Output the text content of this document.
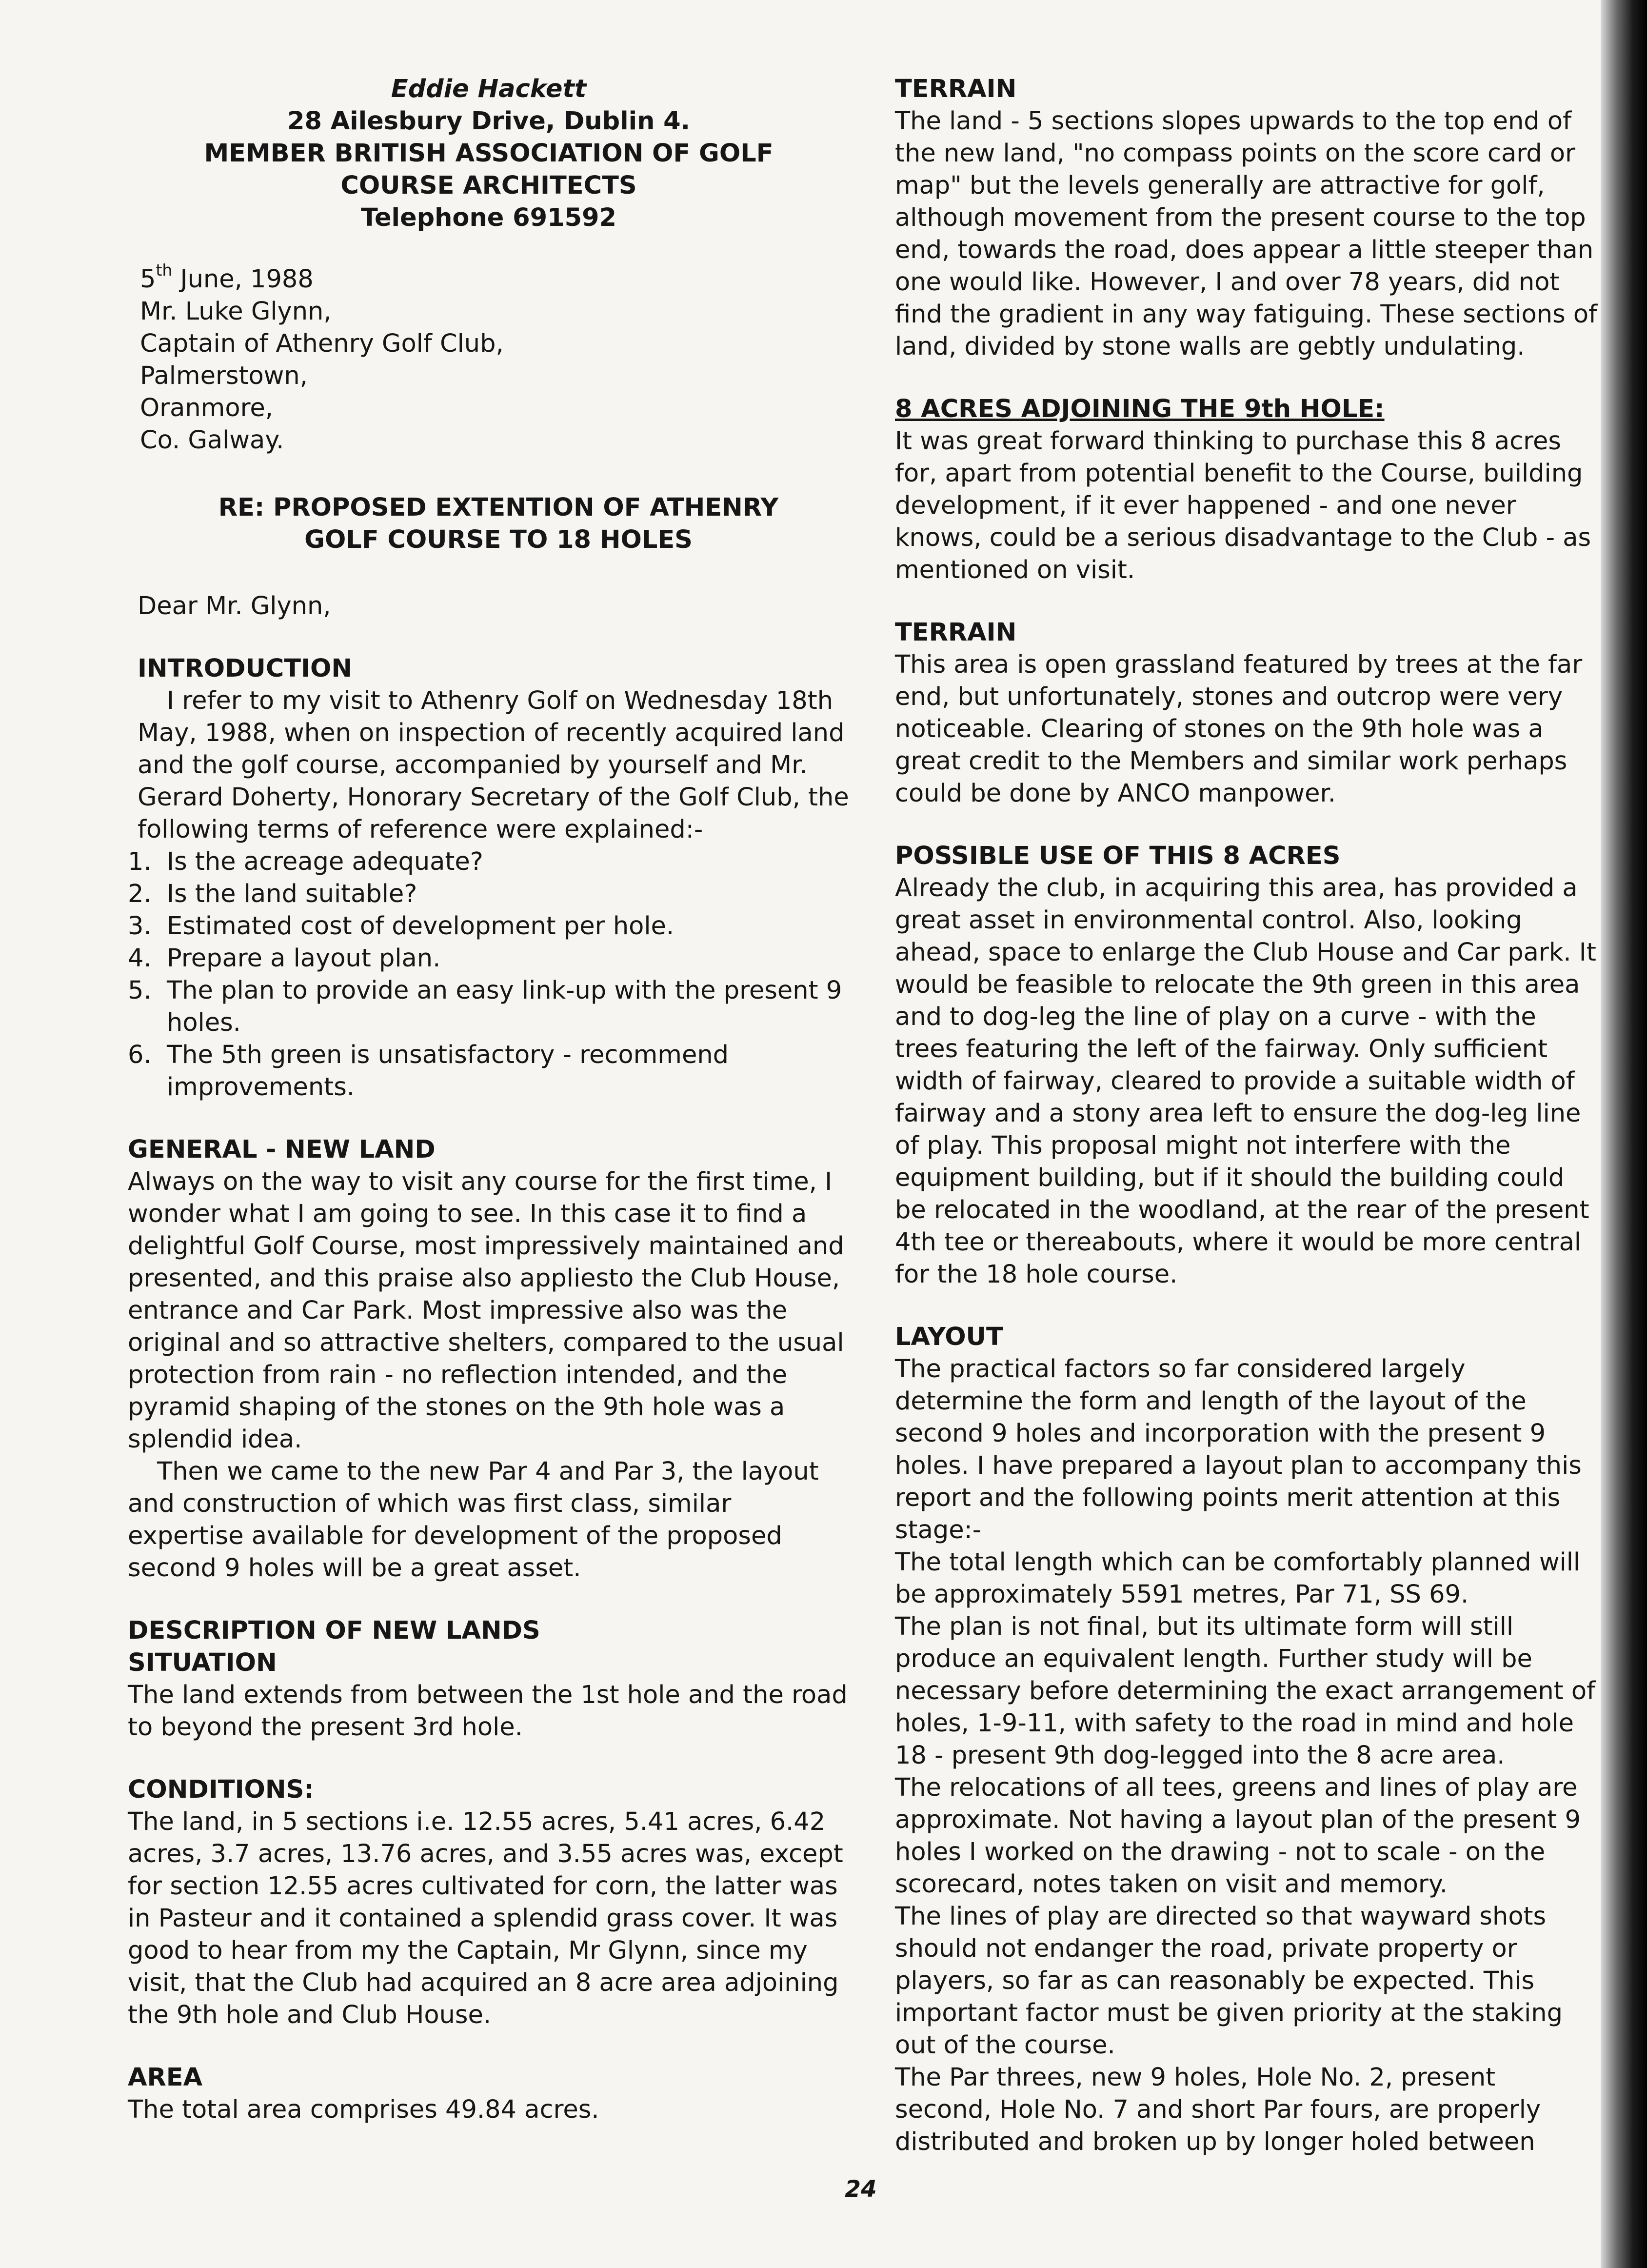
Eddie Hackett

28 Ailesbury Drive, Dublin 4.

MEMBER BRITISH ASSOCIATION OF GOLF COURSE ARCHITECTS

Telephone 691592

5th June, 1988

Mr. Luke Glynn,

Captain of Athenry Golf Club,

Palmerstown,

Oranmore,

Co. Galway.

RE: PROPOSED EXTENTION OF ATHENRY GOLF COURSE TO 18 HOLES

Dear Mr. Glynn,

INTRODUCTION

I refer to my visit to Athenry Golf on Wednesday 18th May, 1988, when on inspection of recently acquired land and the golf course, accompanied by yourself and Mr. Gerard Doherty, Honorary Secretary of the Golf Club, the following terms of reference were explained:-

1. Is the acreage adequate?
2. Is the land suitable?
3. Estimated cost of development per hole.
4. Prepare a layout plan.
5. The plan to provide an easy link-up with the present 9 holes.
6. The 5th green is unsatisfactory - recommend improvements.
GENERAL - NEW LAND

Always on the way to visit any course for the first time, I wonder what I am going to see. In this case it to find a delightful Golf Course, most impressively maintained and presented, and this praise also appliesto the Club House, entrance and Car Park. Most impressive also was the original and so attractive shelters, compared to the usual protection from rain - no reflection intended, and the pyramid shaping of the stones on the 9th hole was a splendid idea.

Then we came to the new Par 4 and Par 3, the layout and construction of which was first class, similar expertise available for development of the proposed second 9 holes will be a great asset.

DESCRIPTION OF NEW LANDS
SITUATION

The land extends from between the 1st hole and the road to beyond the present 3rd hole.

CONDITIONS:

The land, in 5 sections i.e. 12.55 acres, 5.41 acres, 6.42 acres, 3.7 acres, 13.76 acres, and 3.55 acres was, except for section 12.55 acres cultivated for corn, the latter was in Pasteur and it contained a splendid grass cover. It was good to hear from my the Captain, Mr Glynn, since my visit, that the Club had acquired an 8 acre area adjoining the 9th hole and Club House.

AREA

The total area comprises 49.84 acres.

TERRAIN

The land - 5 sections slopes upwards to the top end of the new land, "no compass points on the score card or map" but the levels generally are attractive for golf, although movement from the present course to the top end, towards the road, does appear a little steeper than one would like. However, I and over 78 years, did not find the gradient in any way fatiguing. These sections of land, divided by stone walls are gebtly undulating.

8 ACRES ADJOINING THE 9th HOLE:

It was great forward thinking to purchase this 8 acres for, apart from potential benefit to the Course, building development, if it ever happened - and one never knows, could be a serious disadvantage to the Club - as mentioned on visit.

TERRAIN

This area is open grassland featured by trees at the far end, but unfortunately, stones and outcrop were very noticeable. Clearing of stones on the 9th hole was a great credit to the Members and similar work perhaps could be done by ANCO manpower.

POSSIBLE USE OF THIS 8 ACRES

Already the club, in acquiring this area, has provided a great asset in environmental control. Also, looking ahead, space to enlarge the Club House and Car park. It would be feasible to relocate the 9th green in this area and to dog-leg the line of play on a curve - with the trees featuring the left of the fairway. Only sufficient width of fairway, cleared to provide a suitable width of fairway and a stony area left to ensure the dog-leg line of play. This proposal might not interfere with the equipment building, but if it should the building could be relocated in the woodland, at the rear of the present 4th tee or thereabouts, where it would be more central for the 18 hole course.

LAYOUT

The practical factors so far considered largely determine the form and length of the layout of the second 9 holes and incorporation with the present 9 holes. I have prepared a layout plan to accompany this report and the following points merit attention at this stage:-

The total length which can be comfortably planned will be approximately 5591 metres, Par 71, SS 69.

The plan is not final, but its ultimate form will still produce an equivalent length. Further study will be necessary before determining the exact arrangement of holes, 1-9-11, with safety to the road in mind and hole 18 - present 9th dog-legged into the 8 acre area.

The relocations of all tees, greens and lines of play are approximate. Not having a layout plan of the present 9 holes I worked on the drawing - not to scale - on the scorecard, notes taken on visit and memory.

The lines of play are directed so that wayward shots should not endanger the road, private property or players, so far as can reasonably be expected. This important factor must be given priority at the staking out of the course.

The Par threes, new 9 holes, Hole No. 2, present second, Hole No. 7 and short Par fours, are properly distributed and broken up by longer holed between

24
